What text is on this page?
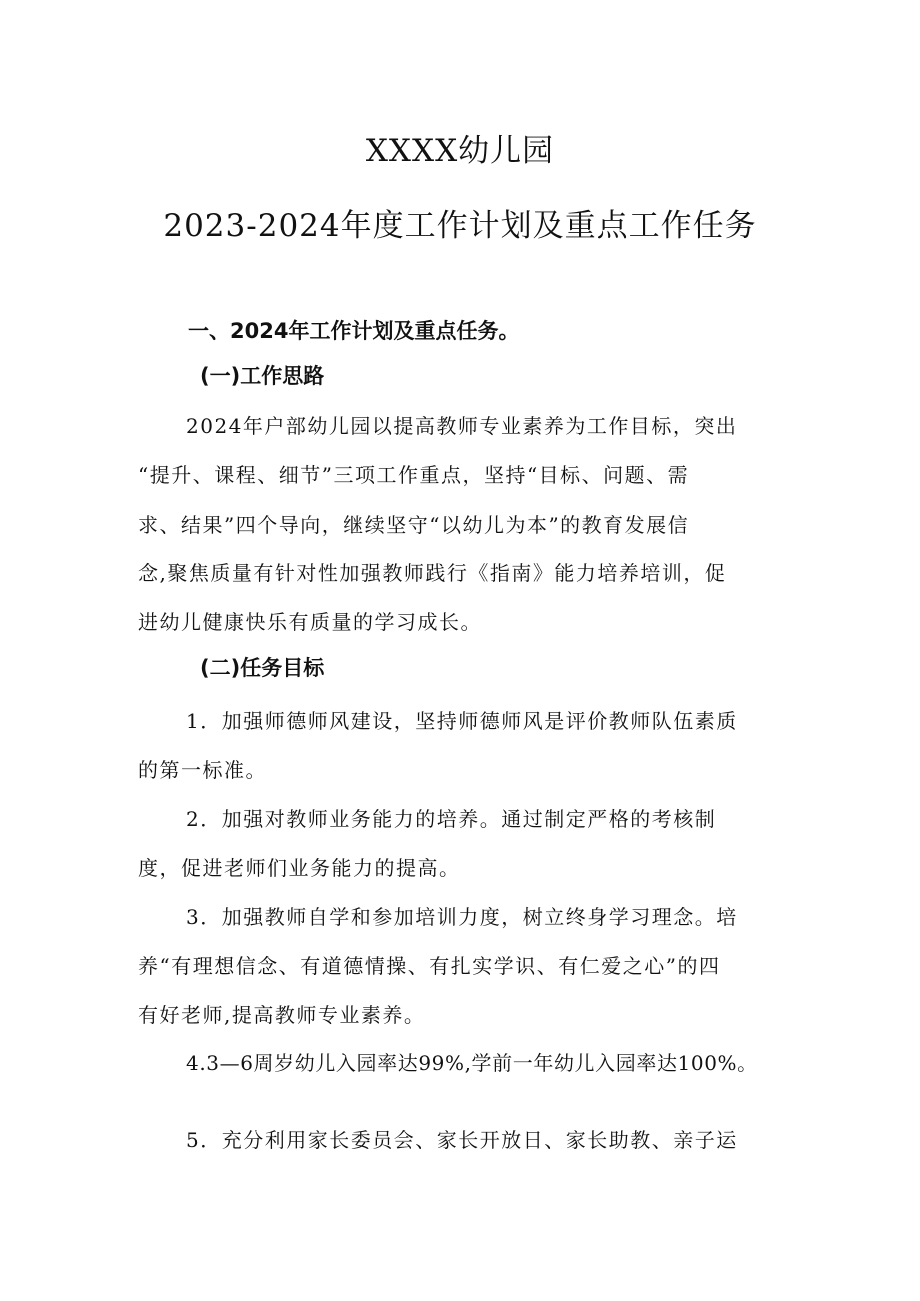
XXXX幼儿园
2023-2024年度工作计划及重点工作任务
一、2024年工作计划及重点任务。
(一)工作思路
2024年户部幼儿园以提高教师专业素养为工作目标，突出
“提升、课程、细节”三项工作重点，坚持“目标、问题、需
求、结果”四个导向，继续坚守“以幼儿为本”的教育发展信
念,聚焦质量有针对性加强教师践行《指南》能力培养培训，促
进幼儿健康快乐有质量的学习成长。
(二)任务目标
1．加强师德师风建设，坚持师德师风是评价教师队伍素质
的第一标准。
2．加强对教师业务能力的培养。通过制定严格的考核制
度，促进老师们业务能力的提高。
3．加强教师自学和参加培训力度，树立终身学习理念。培
养“有理想信念、有道德情操、有扎实学识、有仁爱之心”的四
有好老师,提高教师专业素养。
4.3—6周岁幼儿入园率达99%,学前一年幼儿入园率达100%。
5．充分利用家长委员会、家长开放日、家长助教、亲子运
